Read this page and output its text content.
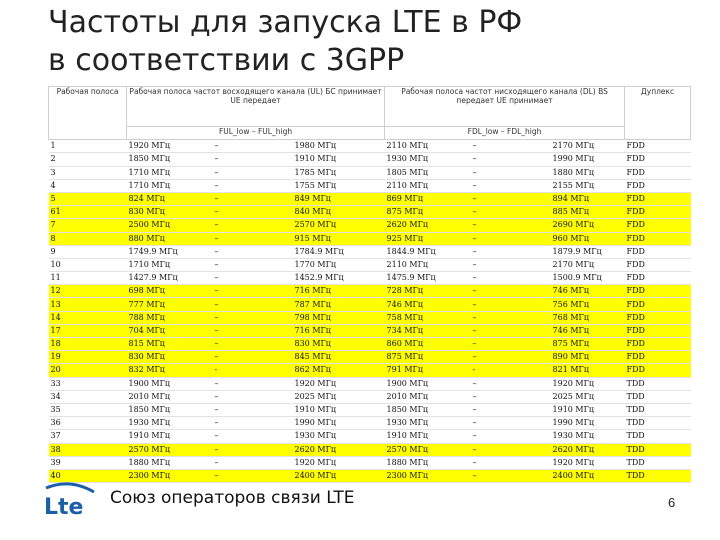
Частоты для запуска LTE в РФ
в соответствии с 3GPP
Рабочая полоса	Рабочая полоса частот восходящего канала (UL) БС принимает UE передает			Рабочая полоса частот нисходящего канала (DL) BS передает UE принимает			Дуплекс
	FUL_low – FUL_high			FDL_low – FDL_high			
1	1920 МГц	–	1980 МГц	2110 МГц	–	2170 МГц	FDD
2	1850 МГц	–	1910 МГц	1930 МГц	–	1990 МГц	FDD
3	1710 МГц	–	1785 МГц	1805 МГц	–	1880 МГц	FDD
4	1710 МГц	–	1755 МГц	2110 МГц	–	2155 МГц	FDD
5	824 МГц	–	849 МГц	869 МГц	–	894 МГц	FDD
61	830 МГц	–	840 МГц	875 МГц	–	885 МГц	FDD
7	2500 МГц	–	2570 МГц	2620 МГц	–	2690 МГц	FDD
8	880 МГц	–	915 МГц	925 МГц	–	960 МГц	FDD
9	1749.9 МГц	–	1784.9 МГц	1844.9 МГц	–	1879.9 МГц	FDD
10	1710 МГц	–	1770 МГц	2110 МГц	–	2170 МГц	FDD
11	1427.9 МГц	–	1452.9 МГц	1475.9 МГц	–	1500.9 МГц	FDD
12	698 МГц	–	716 МГц	728 МГц	–	746 МГц	FDD
13	777 МГц	–	787 МГц	746 МГц	–	756 МГц	FDD
14	788 МГц	–	798 МГц	758 МГц	–	768 МГц	FDD
17	704 МГц	–	716 МГц	734 МГц	–	746 МГц	FDD
18	815 МГц	–	830 МГц	860 МГц	–	875 МГц	FDD
19	830 МГц	–	845 МГц	875 МГц	–	890 МГц	FDD
20	832 МГц	-	862 МГц	791 МГц	-	821 МГц	FDD
33	1900 МГц	–	1920 МГц	1900 МГц	–	1920 МГц	TDD
34	2010 МГц	–	2025 МГц	2010 МГц	–	2025 МГц	TDD
35	1850 МГц	–	1910 МГц	1850 МГц	–	1910 МГц	TDD
36	1930 МГц	–	1990 МГц	1930 МГц	–	1990 МГц	TDD
37	1910 МГц	–	1930 МГц	1910 МГц	–	1930 МГц	TDD
38	2570 МГц	–	2620 МГц	2570 МГц	–	2620 МГц	TDD
39	1880 МГц	–	1920 МГц	1880 МГц	–	1920 МГц	TDD
40	2300 МГц	–	2400 МГц	2300 МГц	–	2400 МГц	TDD
Lte Союз операторов связи LTE	6
